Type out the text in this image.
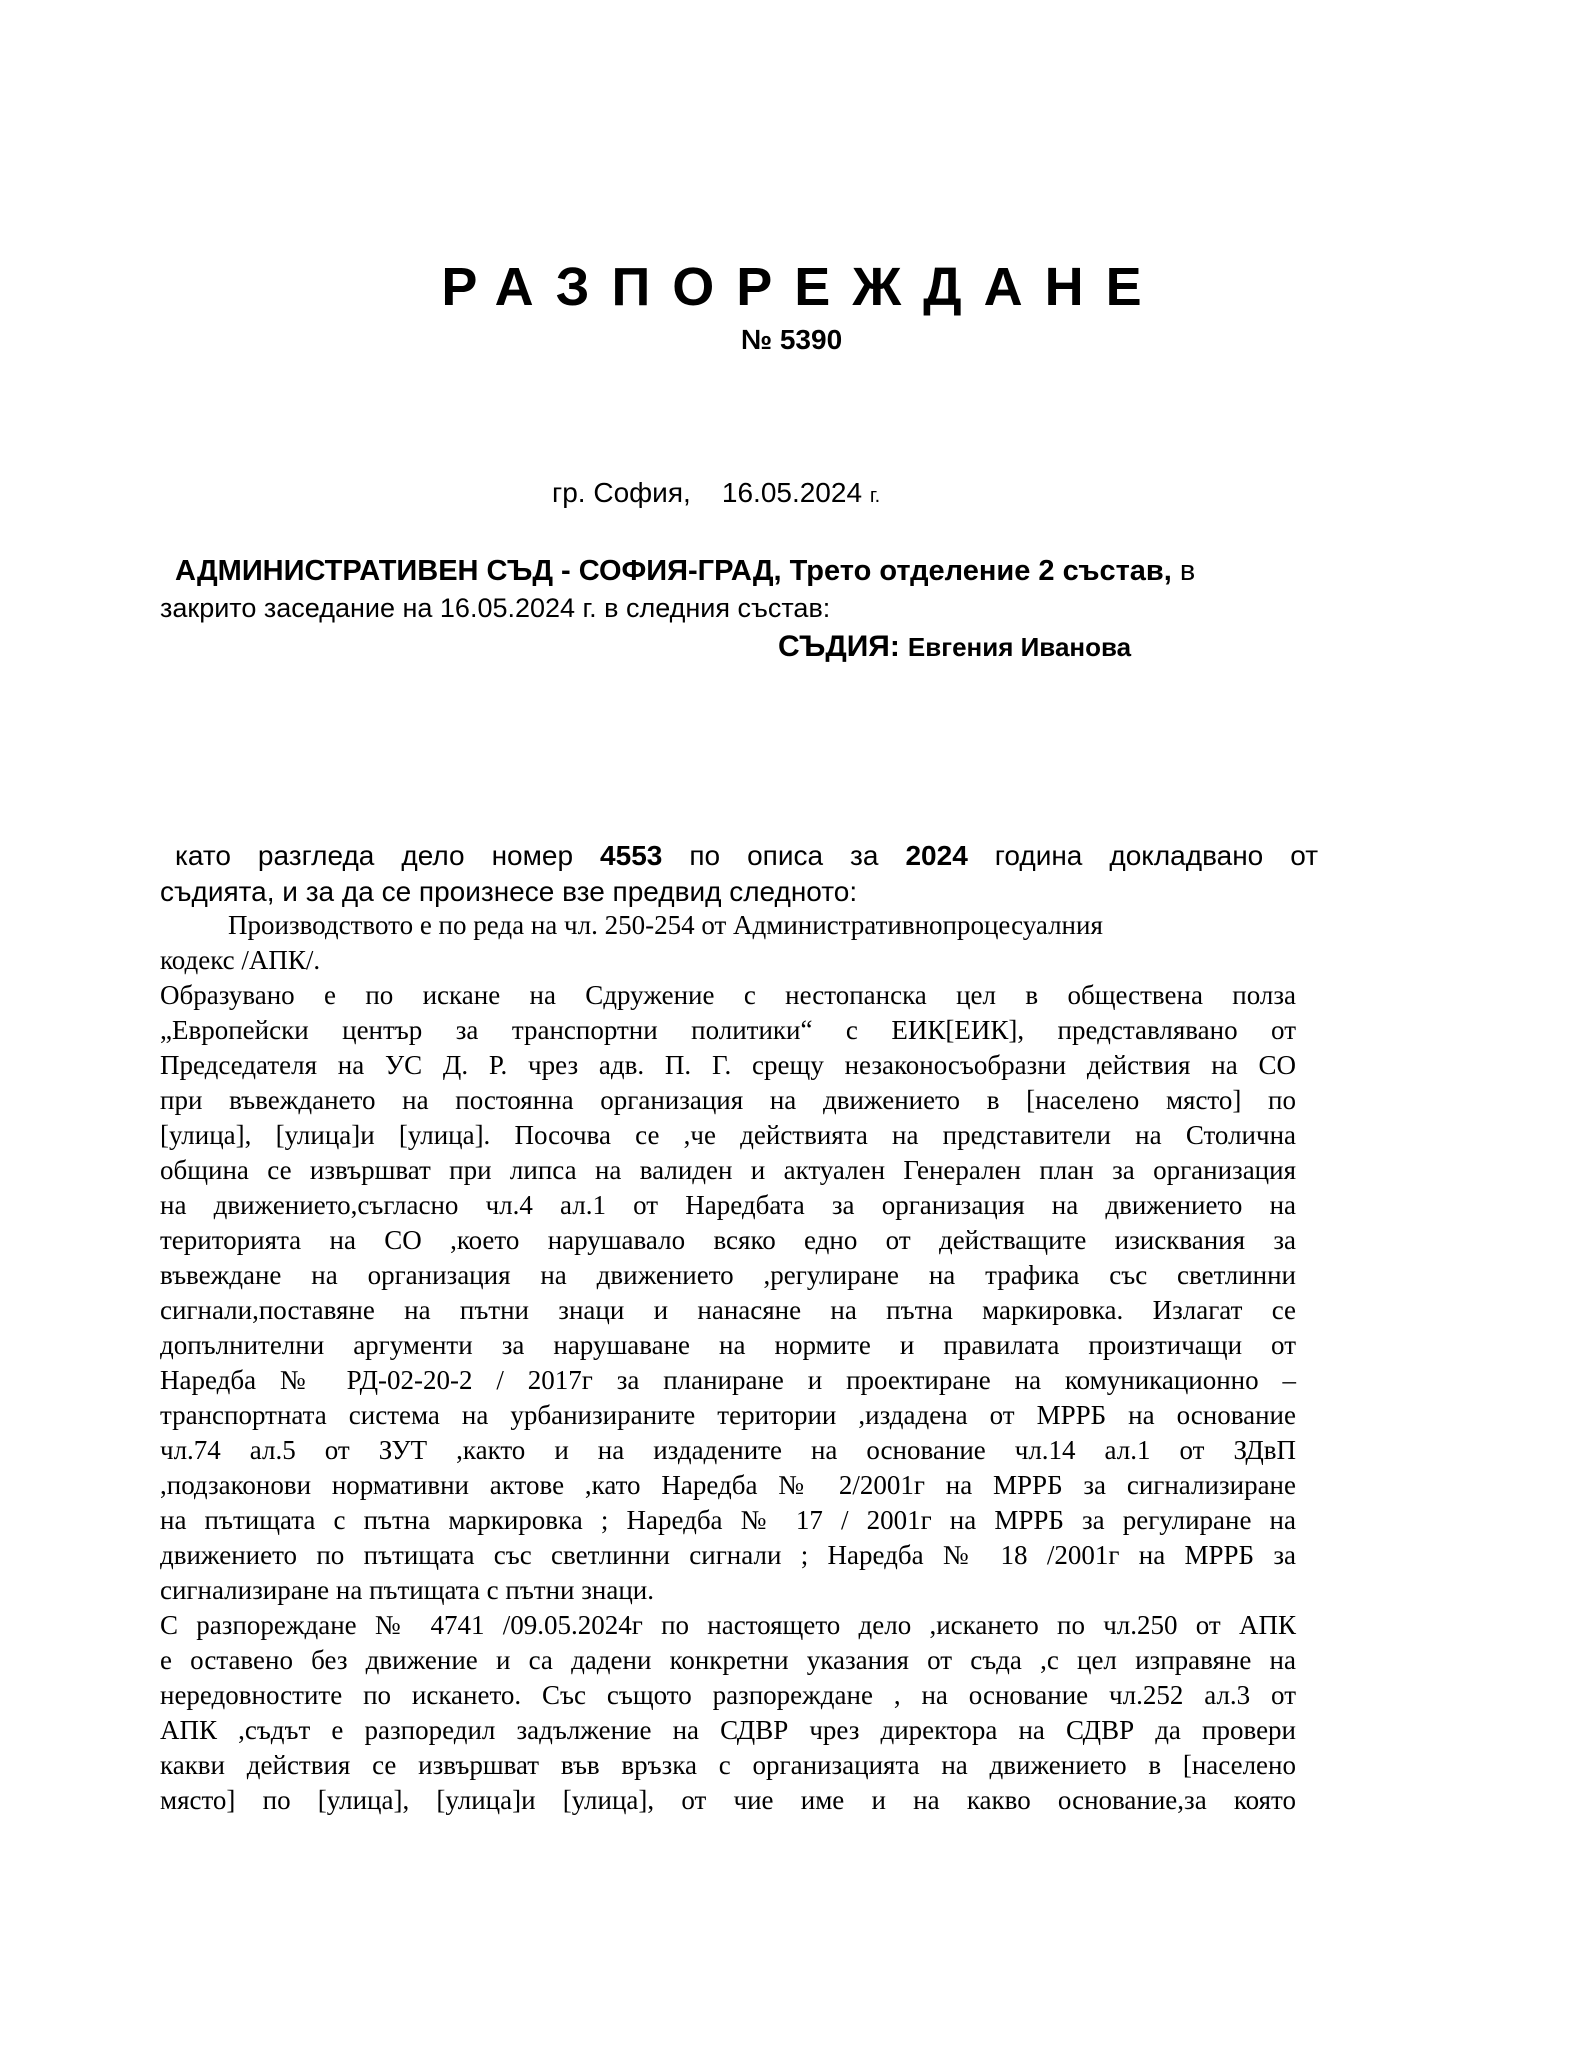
РАЗПОРЕЖДАНЕ
№ 5390
гр. София, 16.05.2024 г.
АДМИНИСТРАТИВЕН СЪД - СОФИЯ-ГРАД, Трето отделение 2 състав, в
закрито заседание на 16.05.2024 г. в следния състав:
СЪДИЯ: Евгения Иванова
като разгледа дело номер 4553 по описа за 2024 година докладвано от
съдията, и за да се произнесе взе предвид следното:
Производството е по реда на чл. 250-254 от Административнопроцесуалния
кодекс /АПК/.
Образувано е по искане на Сдружение с нестопанска цел в обществена полза
„Европейски център за транспортни политики“ с ЕИК[ЕИК], представлявано от
Председателя на УС Д. Р. чрез адв. П. Г. срещу незаконосъобразни действия на СО
при въвеждането на постоянна организация на движението в [населено място] по
[улица], [улица]и [улица]. Посочва се ,че действията на представители на Столична
община се извършват при липса на валиден и актуален Генерален план за организация
на движението,съгласно чл.4 ал.1 от Наредбата за организация на движението на
територията на СО ,което нарушавало всяко едно от действащите изисквания за
въвеждане на организация на движението ,регулиране на трафика със светлинни
сигнали,поставяне на пътни знаци и нанасяне на пътна маркировка. Излагат се
допълнителни аргументи за нарушаване на нормите и правилата произтичащи от
Наредба № РД-02-20-2 / 2017г за планиране и проектиране на комуникационно –
транспортната система на урбанизираните територии ,издадена от МРРБ на основание
чл.74 ал.5 от ЗУТ ,както и на издадените на основание чл.14 ал.1 от ЗДвП
,подзаконови нормативни актове ,като Наредба № 2/2001г на МРРБ за сигнализиране
на пътищата с пътна маркировка ; Наредба № 17 / 2001г на МРРБ за регулиране на
движението по пътищата със светлинни сигнали ; Наредба № 18 /2001г на МРРБ за
сигнализиране на пътищата с пътни знаци.
С разпореждане № 4741 /09.05.2024г по настоящето дело ,искането по чл.250 от АПК
е оставено без движение и са дадени конкретни указания от съда ,с цел изправяне на
нередовностите по искането. Със същото разпореждане , на основание чл.252 ал.3 от
АПК ,съдът е разпоредил задължение на СДВР чрез директора на СДВР да провери
какви действия се извършват във връзка с организацията на движението в [населено
място] по [улица], [улица]и [улица], от чие име и на какво основание,за която
